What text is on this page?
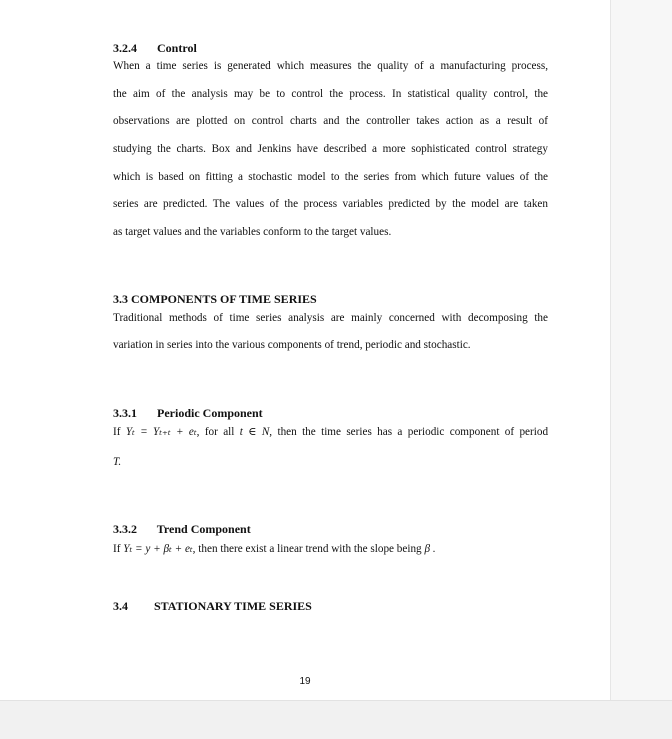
3.2.4 Control
When a time series is generated which measures the quality of a manufacturing process,
the aim of the analysis may be to control the process. In statistical quality control, the
observations are plotted on control charts and the controller takes action as a result of
studying the charts. Box and Jenkins have described a more sophisticated control strategy
which is based on fitting a stochastic model to the series from which future values of the
series are predicted. The values of the process variables predicted by the model are taken
as target values and the variables conform to the target values.
3.3 COMPONENTS OF TIME SERIES
Traditional methods of time series analysis are mainly concerned with decomposing the
variation in series into the various components of trend, periodic and stochastic.
3.3.1 Periodic Component
If Yₜ = Yₜ₊ₜ + eₜ, for all t ∈ N, then the time series has a periodic component of period
T.
3.3.2 Trend Component
If Yₜ = y + βₜ + eₜ, then there exist a linear trend with the slope being β .
3.4 STATIONARY TIME SERIES
19
